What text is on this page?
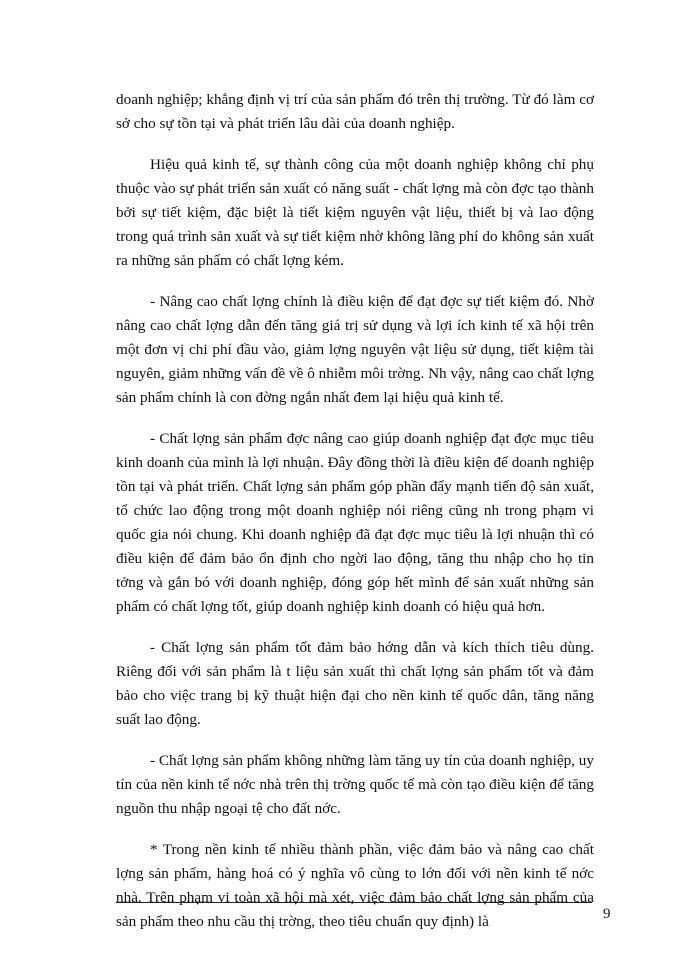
doanh nghiệp; khẳng định vị trí của sản phẩm đó trên thị trường. Từ đó làm cơ sở cho sự tồn tại và phát triển lâu dài của doanh nghiệp.

Hiệu quả kinh tế, sự thành công của một doanh nghiệp không chỉ phụ thuộc vào sự phát triển sản xuất có năng suất - chất lợng mà còn đợc tạo thành bởi sự tiết kiệm, đặc biệt là tiết kiệm nguyên vật liệu, thiết bị và lao động trong quá trình sản xuất và sự tiết kiệm nhờ không lãng phí do không sản xuất ra những sản phẩm có chất lợng kém.

- Nâng cao chất lợng chính là điều kiện để đạt đợc sự tiết kiệm đó. Nhờ nâng cao chất lợng dẫn đến tăng giá trị sử dụng và lợi ích kinh tế xã hội trên một đơn vị chi phí đầu vào, giảm lợng nguyên vật liệu sử dụng, tiết kiệm tài nguyên, giảm những vấn đề về ô nhiễm môi trờng. Nh vậy, nâng cao chất lợng sản phẩm chính là con đờng ngắn nhất đem lại hiệu quả kinh tế.

- Chất lợng sản phẩm đợc nâng cao giúp doanh nghiệp đạt đợc mục tiêu kinh doanh của mình là lợi nhuận. Đây đồng thời là điều kiện để doanh nghiệp tồn tại và phát triển. Chất lợng sản phẩm góp phần đẩy mạnh tiến độ sản xuất, tổ chức lao động trong một doanh nghiệp nói riêng cũng nh trong phạm vi quốc gia nói chung. Khi doanh nghiệp đã đạt đợc mục tiêu là lợi nhuận thì có điều kiện để đảm bảo ổn định cho ngời lao động, tăng thu nhập cho họ tin tởng và gắn bó với doanh nghiệp, đóng góp hết mình để sản xuất những sản phẩm có chất lợng tốt, giúp doanh nghiệp kinh doanh có hiệu quả hơn.

- Chất lợng sản phẩm tốt đảm bảo hớng dẫn và kích thích tiêu dùng. Riêng đối với sản phẩm là t liệu sản xuất thì chất lợng sản phẩm tốt và đảm bảo cho việc trang bị kỹ thuật hiện đại cho nền kinh tế quốc dân, tăng năng suất lao động.

- Chất lợng sản phẩm không những làm tăng uy tín của doanh nghiệp, uy tín của nền kinh tế nớc nhà trên thị trờng quốc tế mà còn tạo điều kiện để tăng nguồn thu nhập ngoại tệ cho đất nớc.

* Trong nền kinh tế nhiều thành phần, việc đảm bảo và nâng cao chất lợng sản phẩm, hàng hoá có ý nghĩa vô cùng to lớn đối với nền kinh tế nớc nhà. Trên phạm vi toàn xã hội mà xét, việc đảm bảo chất lợng sản phẩm của sản phẩm theo nhu cầu thị trờng, theo tiêu chuẩn quy định) là	9
